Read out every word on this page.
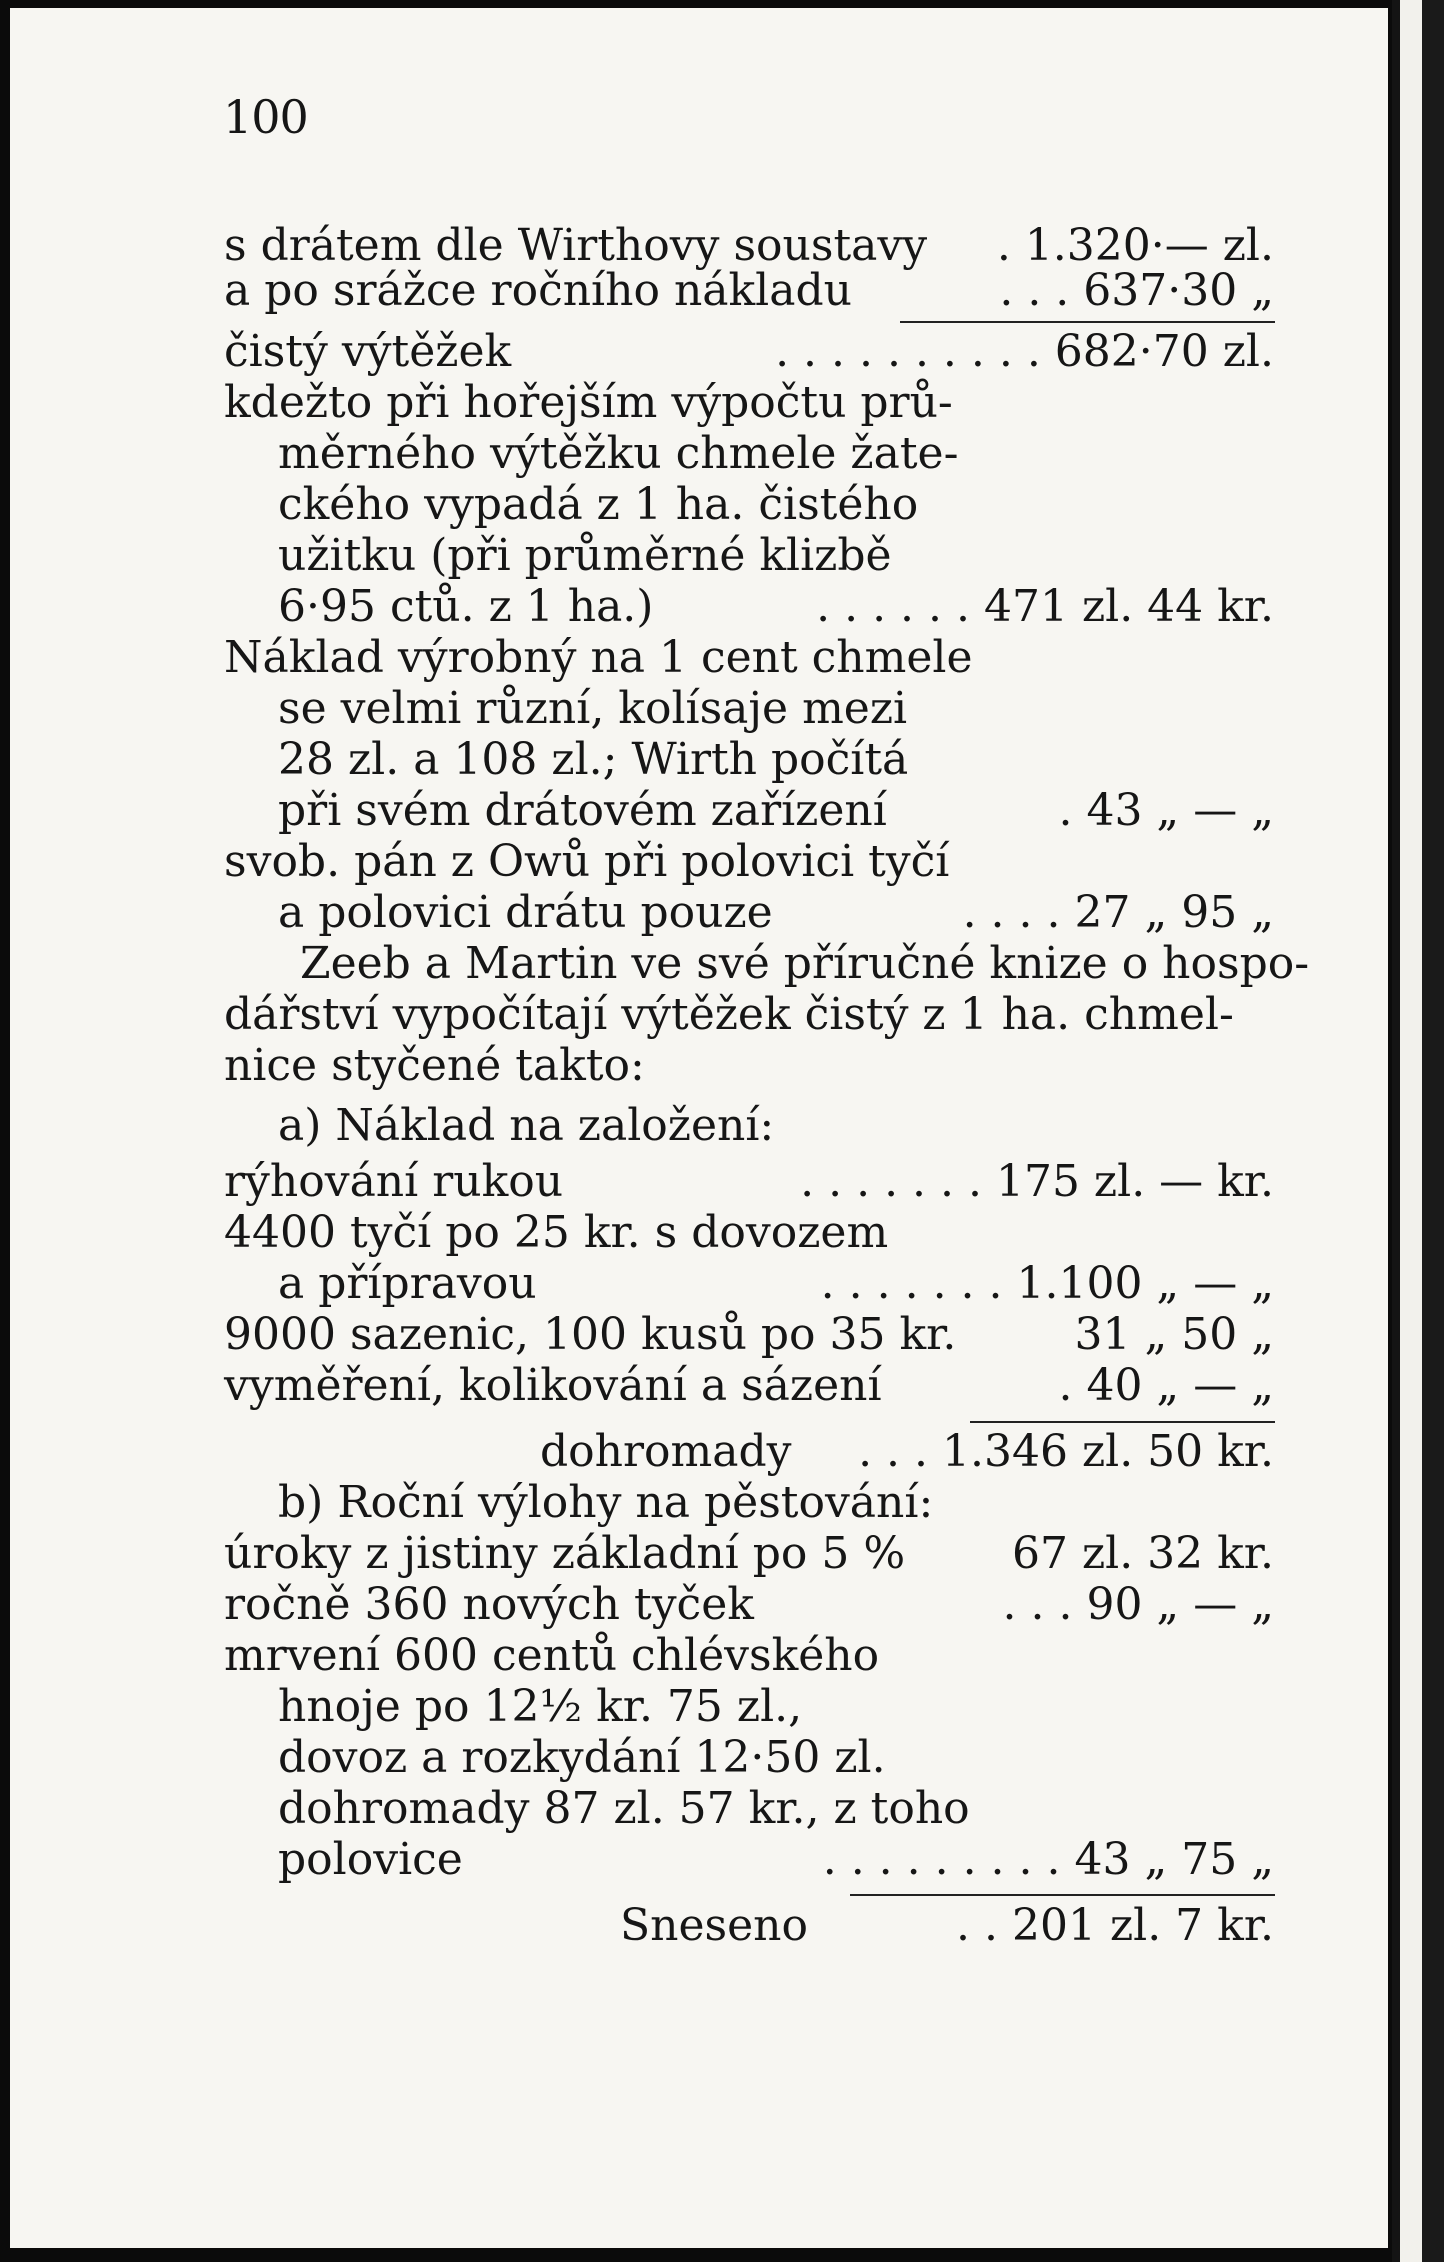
100
s drátem dle Wirthovy soustavy . 1.320·— zl.
a po srážce ročního nákladu	. . . 637·30 „
čistý výtěžek	. . . . . . . . . . 682·70 zl.
kdežto při hořejším výpočtu prů-
měrného výtěžku chmele žate-
ckého vypadá z 1 ha. čistého
užitku (při průměrné klizbě
6·95 ctů. z 1 ha.)	. . . . . . 471 zl. 44 kr.
Náklad výrobný na 1 cent chmele
se velmi různí, kolísaje mezi
28 zl. a 108 zl.; Wirth počítá
při svém drátovém zařízení	. 43 „ — „
svob. pán z Owů při polovici tyčí
a polovici drátu pouze	. . . . 27 „ 95 „
Zeeb a Martin ve své příručné knize o hospo-
dářství vypočítají výtěžek čistý z 1 ha. chmel-
nice styčené takto:
a) Náklad na založení:
rýhování rukou	. . . . . . . 175 zl. — kr.
4400 tyčí po 25 kr. s dovozem
a přípravou	. . . . . . . 1.100 „ — „
9000 sazenic, 100 kusů po 35 kr.	31 „ 50 „
vyměření, kolikování a sázení	. 40 „ — „
dohromady . . . 1.346 zl. 50 kr.
b) Roční výlohy na pěstování:
úroky z jistiny základní po 5 % 67 zl. 32 kr.
ročně 360 nových tyček	. . . 90 „ — „
mrvení 600 centů chlévského
hnoje po 12½ kr. 75 zl.,
dovoz a rozkydání 12·50 zl.
dohromady 87 zl. 57 kr., z toho
polovice	. . . . . . . . . 43 „ 75 „
Sneseno	. . 201 zl. 7 kr.
